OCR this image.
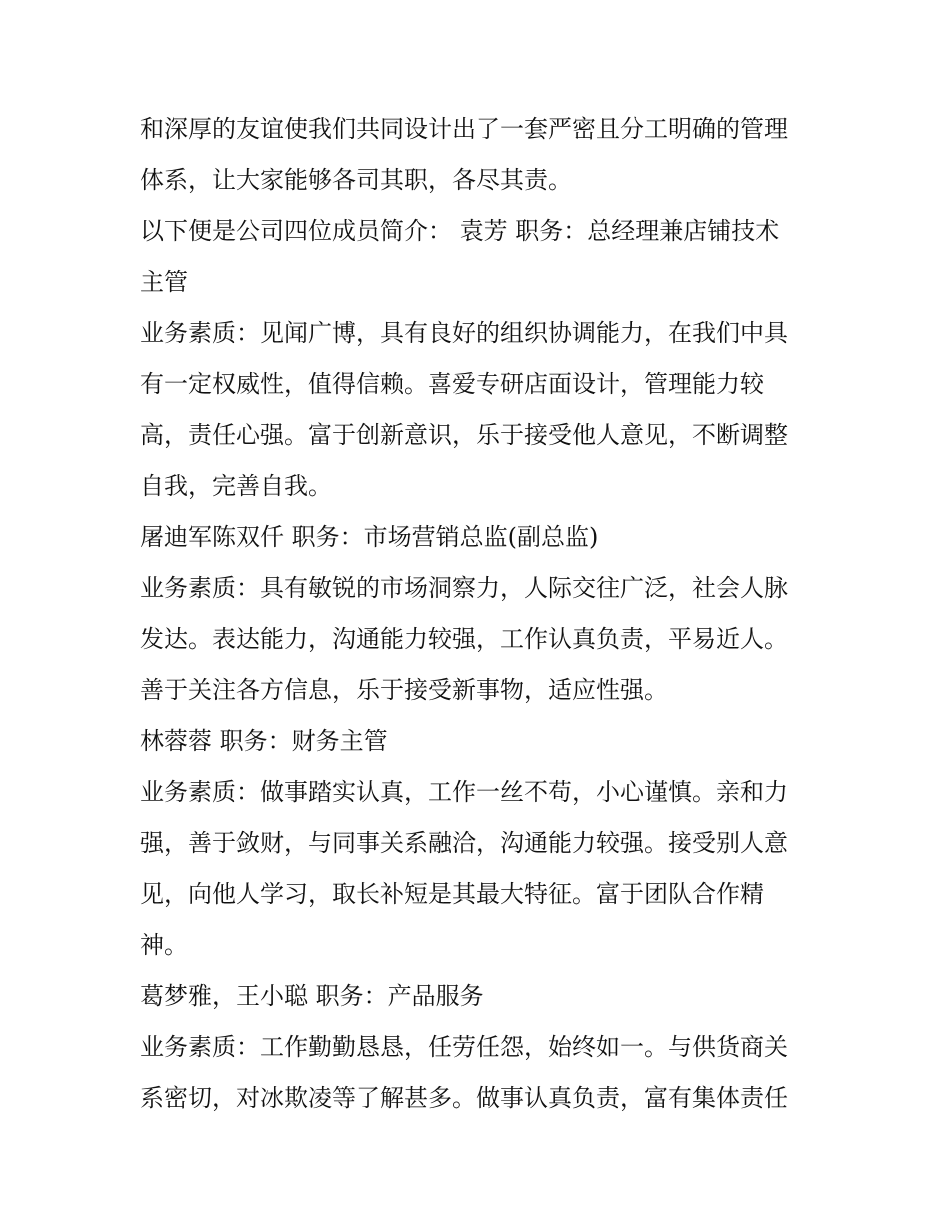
和深厚的友谊使我们共同设计出了一套严密且分工明确的管理
体系，让大家能够各司其职，各尽其责。
以下便是公司四位成员简介： 袁芳 职务：总经理兼店铺技术
主管
业务素质：见闻广博，具有良好的组织协调能力，在我们中具
有一定权威性，值得信赖。喜爱专研店面设计，管理能力较
高，责任心强。富于创新意识，乐于接受他人意见，不断调整
自我，完善自我。
屠迪军陈双仟 职务：市场营销总监(副总监)
业务素质：具有敏锐的市场洞察力，人际交往广泛，社会人脉
发达。表达能力，沟通能力较强，工作认真负责，平易近人。
善于关注各方信息，乐于接受新事物，适应性强。
林蓉蓉 职务：财务主管
业务素质：做事踏实认真，工作一丝不苟，小心谨慎。亲和力
强，善于敛财，与同事关系融洽，沟通能力较强。接受别人意
见，向他人学习，取长补短是其最大特征。富于团队合作精
神。
葛梦雅，王小聪 职务：产品服务
业务素质：工作勤勤恳恳，任劳任怨，始终如一。与供货商关
系密切，对冰欺凌等了解甚多。做事认真负责，富有集体责任
